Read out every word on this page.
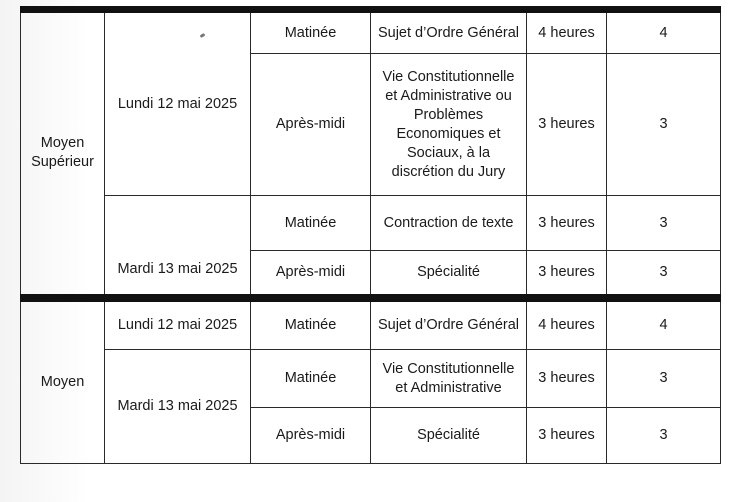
Moyen Supérieur	Lundi 12 mai 2025	Matinée	Sujet d’Ordre Général	4 heures	4
		Après-midi	Vie Constitutionnelle et Administrative ou Problèmes Economiques et Sociaux, à la discrétion du Jury	3 heures	3
	Mardi 13 mai 2025	Matinée	Contraction de texte	3 heures	3
		Après-midi	Spécialité	3 heures	3
Moyen	Lundi 12 mai 2025	Matinée	Sujet d’Ordre Général	4 heures	4
	Mardi 13 mai 2025	Matinée	Vie Constitutionnelle et Administrative	3 heures	3
		Après-midi	Spécialité	3 heures	3
